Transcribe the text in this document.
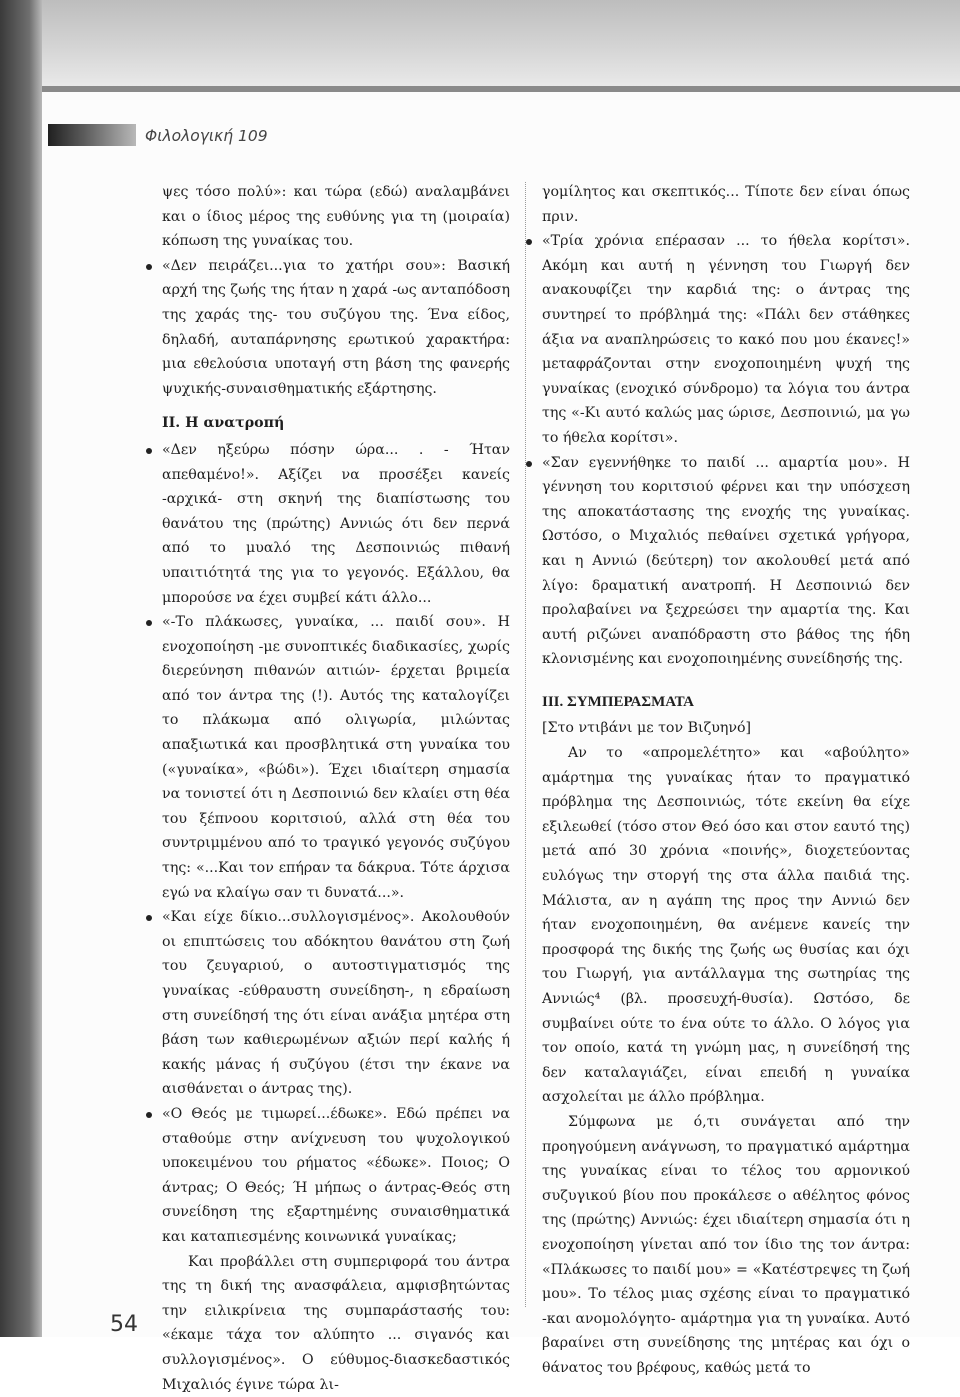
Φιλολογική 109

ψες τόσο πολύ»: και τώρα (εδώ) αναλαμβάνει και ο ίδιος μέρος της ευθύνης για τη (μοιραία) κόπωση της γυναίκας του.

«Δεν πειράζει...για το χατήρι σου»: Βασική αρχή της ζωής της ήταν η χαρά -ως ανταπόδοση της χαράς της- του συζύγου της. Ένα είδος, δηλαδή, αυταπάρνησης ερωτικού χαρακτήρα: μια εθελούσια υποταγή στη βάση της φανερής ψυχικής-συναισθηματικής εξάρτησης.

ΙΙ. Η ανατροπή

«Δεν ηξεύρω πόσην ώρα... . - Ήταν απεθαμένο!». Αξίζει να προσέξει κανείς -αρχικά- στη σκηνή της διαπίστωσης του θανάτου της (πρώτης) Αννιώς ότι δεν περνά από το μυαλό της Δεσποινιώς πιθανή υπαιτιότητά της για το γεγονός. Εξάλλου, θα μπορούσε να έχει συμβεί κάτι άλλο...

«-Το πλάκωσες, γυναίκα, ... παιδί σου». Η ενοχοποίηση -με συνοπτικές διαδικασίες, χωρίς διερεύνηση πιθανών αιτιών- έρχεται βριμεία από τον άντρα της (!). Αυτός της καταλογίζει το πλάκωμα από ολιγωρία, μιλώντας απαξιωτικά και προσβλητικά στη γυναίκα του («γυναίκα», «βώδι»). Έχει ιδιαίτερη σημασία να τονιστεί ότι η Δεσποινιώ δεν κλαίει στη θέα του ξέπνοου κοριτσιού, αλλά στη θέα του συντριμμένου από το τραγικό γεγονός συζύγου της: «...Και τον επήραν τα δάκρυα. Τότε άρχισα εγώ να κλαίγω σαν τι δυνατά...».

«Και είχε δίκιο...συλλογισμένος». Ακολουθούν οι επιπτώσεις του αδόκητου θανάτου στη ζωή του ζευγαριού, ο αυτοστιγματισμός της γυναίκας -εύθραυστη συνείδηση-, η εδραίωση στη συνείδησή της ότι είναι ανάξια μητέρα στη βάση των καθιερωμένων αξιών περί καλής ή κακής μάνας ή συζύγου (έτσι την έκανε να αισθάνεται ο άντρας της).

«Ο Θεός με τιμωρεί...έδωκε». Εδώ πρέπει να σταθούμε στην ανίχνευση του ψυχολογικού υποκειμένου του ρήματος «έδωκε». Ποιος; Ο άντρας; Ο Θεός; Ή μήπως ο άντρας-Θεός στη συνείδηση της εξαρτημένης συναισθηματικά και καταπιεσμένης κοινωνικά γυναίκας;

Και προβάλλει στη συμπεριφορά του άντρα της τη δική της ανασφάλεια, αμφισβητώντας την ειλικρίνεια της συμπαράστασής του: «έκαμε τάχα τον αλύπητο ... σιγανός και συλλογισμένος». Ο εύθυμος-διασκεδαστικός Μιχαλιός έγινε τώρα λι-

γομίλητος και σκεπτικός... Τίποτε δεν είναι όπως πριν.

«Τρία χρόνια επέρασαν ... το ήθελα κορίτσι». Ακόμη και αυτή η γέννηση του Γιωργή δεν ανακουφίζει την καρδιά της: ο άντρας της συντηρεί το πρόβλημά της: «Πάλι δεν στάθηκες άξια να αναπληρώσεις το κακό που μου έκανες!» μεταφράζονται στην ενοχοποιημένη ψυχή της γυναίκας (ενοχικό σύνδρομο) τα λόγια του άντρα της «-Κι αυτό καλώς μας ώρισε, Δεσποινιώ, μα γω το ήθελα κορίτσι».

«Σαν εγεννήθηκε το παιδί ... αμαρτία μου». Η γέννηση του κοριτσιού φέρνει και την υπόσχεση της αποκατάστασης της ενοχής της γυναίκας. Ωστόσο, ο Μιχαλιός πεθαίνει σχετικά γρήγορα, και η Αννιώ (δεύτερη) τον ακολουθεί μετά από λίγο: δραματική ανατροπή. Η Δεσποινιώ δεν προλαβαίνει να ξεχρεώσει την αμαρτία της. Και αυτή ριζώνει αναπόδραστη στο βάθος της ήδη κλονισμένης και ενοχοποιημένης συνείδησής της.

ΙΙΙ. ΣΥΜΠΕΡΑΣΜΑΤΑ

[Στο ντιβάνι με τον Βιζυηνό]

Αν το «απρομελέτητο» και «αβούλητο» αμάρτημα της γυναίκας ήταν το πραγματικό πρόβλημα της Δεσποινιώς, τότε εκείνη θα είχε εξιλεωθεί (τόσο στον Θεό όσο και στον εαυτό της) μετά από 30 χρόνια «ποινής», διοχετεύοντας ευλόγως την στοργή της στα άλλα παιδιά της. Μάλιστα, αν η αγάπη της προς την Αννιώ δεν ήταν ενοχοποιημένη, θα ανέμενε κανείς την προσφορά της δικής της ζωής ως θυσίας και όχι του Γιωργή, για αντάλλαγμα της σωτηρίας της Αννιώς⁴ (βλ. προσευχή-θυσία). Ωστόσο, δε συμβαίνει ούτε το ένα ούτε το άλλο. Ο λόγος για τον οποίο, κατά τη γνώμη μας, η συνείδησή της δεν καταλαγιάζει, είναι επειδή η γυναίκα ασχολείται με άλλο πρόβλημα.

Σύμφωνα με ό,τι συνάγεται από την προηγούμενη ανάγνωση, το πραγματικό αμάρτημα της γυναίκας είναι το τέλος του αρμονικού συζυγικού βίου που προκάλεσε ο αθέλητος φόνος της (πρώτης) Αννιώς: έχει ιδιαίτερη σημασία ότι η ενοχοποίηση γίνεται από τον ίδιο της τον άντρα: «Πλάκωσες το παιδί μου» = «Κατέστρεψες τη ζωή μου». Το τέλος μιας σχέσης είναι το πραγματικό -και ανομολόγητο- αμάρτημα για τη γυναίκα. Αυτό βαραίνει στη συνείδησης της μητέρας και όχι ο θάνατος του βρέφους, καθώς μετά το

54
